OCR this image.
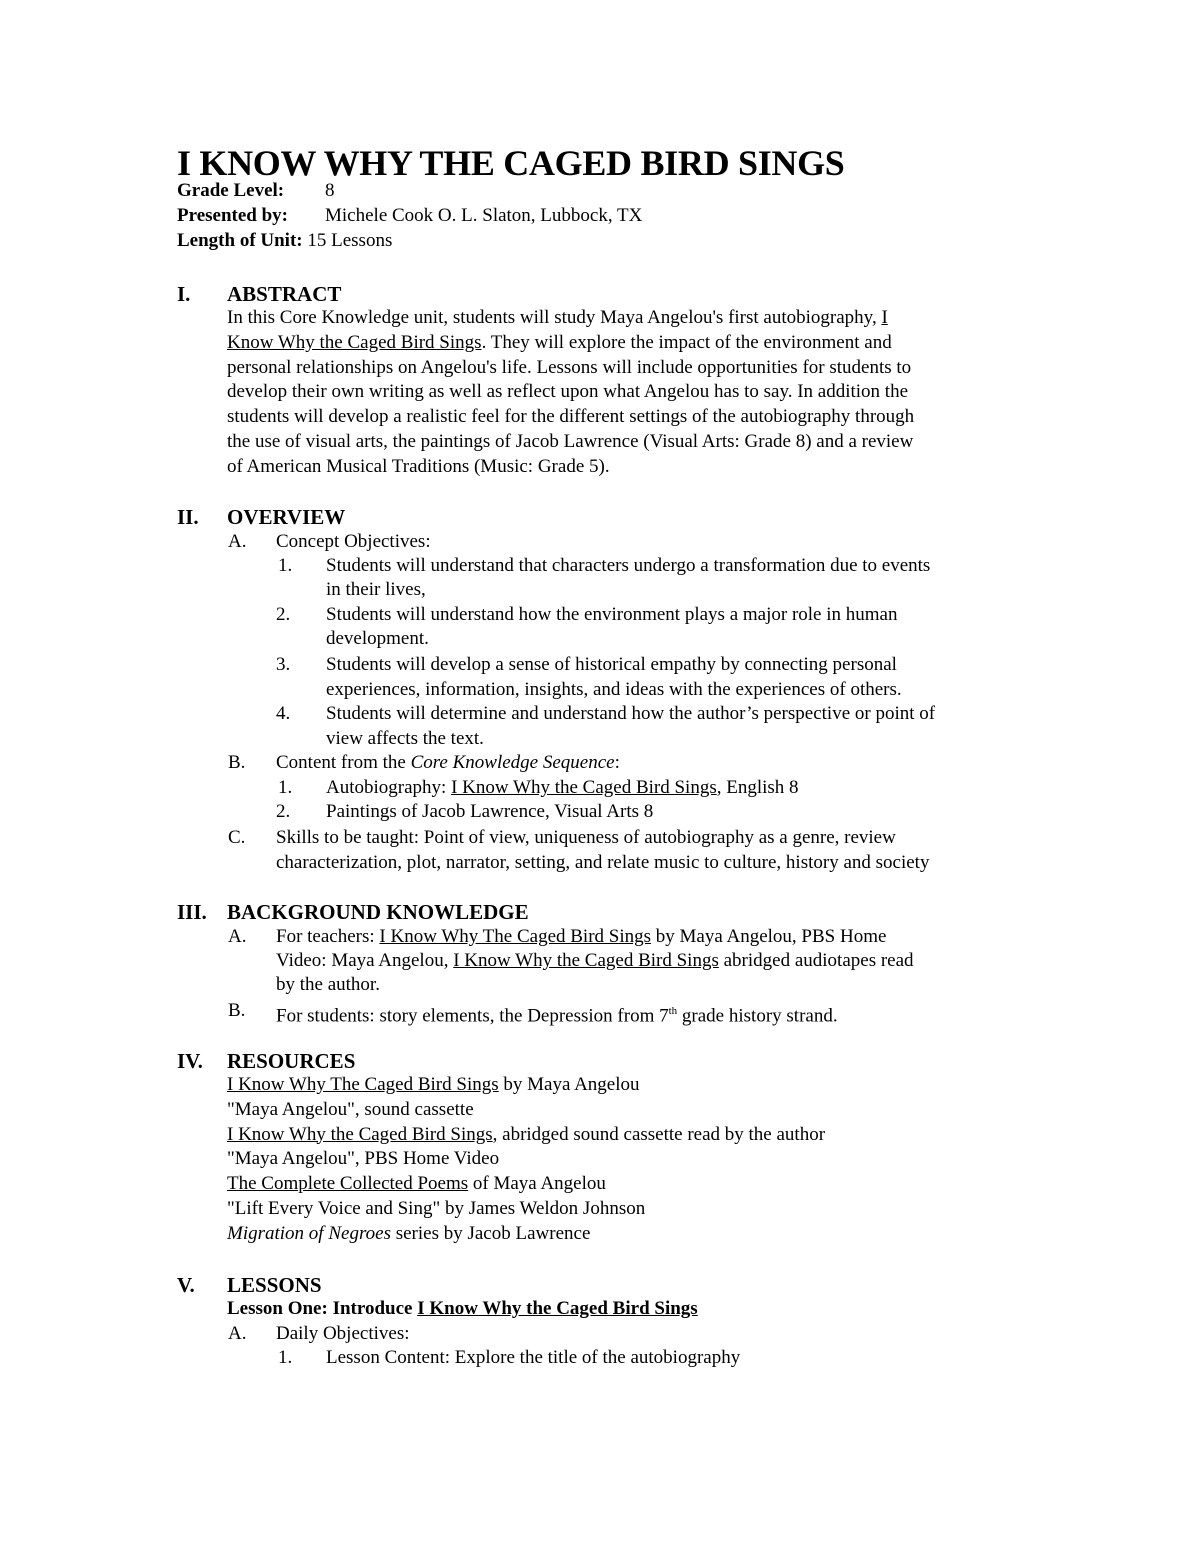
I KNOW WHY THE CAGED BIRD SINGS
Grade Level: 8
Presented by: Michele Cook O. L. Slaton, Lubbock, TX
Length of Unit: 15 Lessons
I. ABSTRACT
In this Core Knowledge unit, students will study Maya Angelou's first autobiography, I
Know Why the Caged Bird Sings. They will explore the impact of the environment and
personal relationships on Angelou's life. Lessons will include opportunities for students to
develop their own writing as well as reflect upon what Angelou has to say. In addition the
students will develop a realistic feel for the different settings of the autobiography through
the use of visual arts, the paintings of Jacob Lawrence (Visual Arts: Grade 8) and a review
of American Musical Traditions (Music: Grade 5).
II. OVERVIEW
A. Concept Objectives:
1. Students will understand that characters undergo a transformation due to events
in their lives,
2. Students will understand how the environment plays a major role in human
development.
3. Students will develop a sense of historical empathy by connecting personal
experiences, information, insights, and ideas with the experiences of others.
4. Students will determine and understand how the author’s perspective or point of
view affects the text.
B. Content from the Core Knowledge Sequence:
1. Autobiography: I Know Why the Caged Bird Sings, English 8
2. Paintings of Jacob Lawrence, Visual Arts 8
C. Skills to be taught: Point of view, uniqueness of autobiography as a genre, review
characterization, plot, narrator, setting, and relate music to culture, history and society
III. BACKGROUND KNOWLEDGE
A. For teachers: I Know Why The Caged Bird Sings by Maya Angelou, PBS Home
Video: Maya Angelou, I Know Why the Caged Bird Sings abridged audiotapes read
by the author.
B. For students: story elements, the Depression from 7th grade history strand.
IV. RESOURCES
I Know Why The Caged Bird Sings by Maya Angelou
"Maya Angelou", sound cassette
I Know Why the Caged Bird Sings, abridged sound cassette read by the author
"Maya Angelou", PBS Home Video
The Complete Collected Poems of Maya Angelou
"Lift Every Voice and Sing" by James Weldon Johnson
Migration of Negroes series by Jacob Lawrence
V. LESSONS
Lesson One: Introduce I Know Why the Caged Bird Sings
A. Daily Objectives:
1. Lesson Content: Explore the title of the autobiography
